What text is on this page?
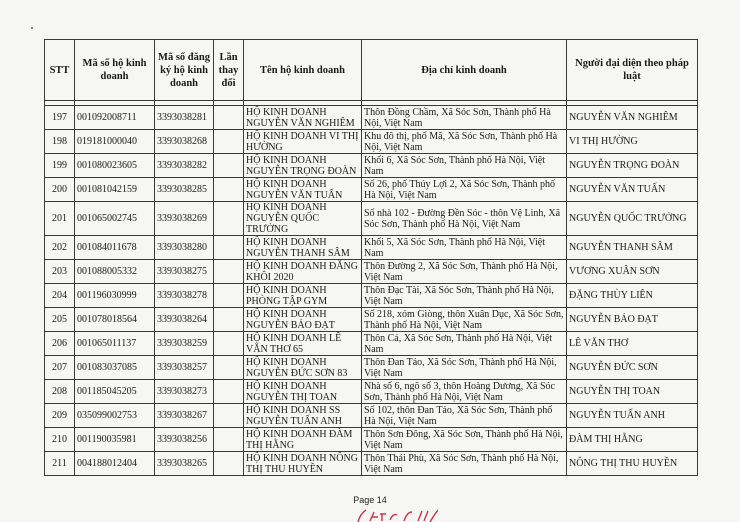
STT	Mã số hộ kinh doanh	Mã số đăng ký hộ kinh doanh	Lần thay đổi	Tên hộ kinh doanh	Địa chỉ kinh doanh	Người đại diện theo pháp luật

197	001092008711	3393038281		HỘ KINH DOANH NGUYỄN VĂN NGHIÊM	Thôn Đồng Chầm, Xã Sóc Sơn, Thành phố Hà Nội, Việt Nam	NGUYỄN VĂN NGHIÊM
198	019181000040	3393038268		HỘ KINH DOANH VI THỊ HƯỜNG	Khu đô thị, phố Mã, Xã Sóc Sơn, Thành phố Hà Nội, Việt Nam	VI THỊ HƯỜNG
199	001080023605	3393038282		HỘ KINH DOANH NGUYỄN TRỌNG ĐOÀN	Khối 6, Xã Sóc Sơn, Thành phố Hà Nội, Việt Nam	NGUYỄN TRỌNG ĐOÀN
200	001081042159	3393038285		HỘ KINH DOANH NGUYỄN VĂN TUẤN	Số 26, phố Thúy Lợi 2, Xã Sóc Sơn, Thành phố Hà Nội, Việt Nam	NGUYỄN VĂN TUẤN
201	001065002745	3393038269		HỘ KINH DOANH NGUYỄN QUỐC TRƯỞNG	Số nhà 102 - Đường Đền Sóc - thôn Vệ Linh, Xã Sóc Sơn, Thành phố Hà Nội, Việt Nam	NGUYỄN QUỐC TRƯỞNG
202	001084011678	3393038280		HỘ KINH DOANH NGUYỄN THANH SÂM	Khối 5, Xã Sóc Sơn, Thành phố Hà Nội, Việt Nam	NGUYỄN THANH SÂM
203	001088005332	3393038275		HỘ KINH DOANH ĐĂNG KHÔI 2020	Thôn Đường 2, Xã Sóc Sơn, Thành phố Hà Nội, Việt Nam	VƯƠNG XUÂN SƠN
204	001196030999	3393038278		HỘ KINH DOANH PHÒNG TẬP GYM	Thôn Đạc Tài, Xã Sóc Sơn, Thành phố Hà Nội, Việt Nam	ĐẶNG THÙY LIÊN
205	001078018564	3393038264		HỘ KINH DOANH NGUYỄN BẢO ĐẠT	Số 218, xóm Giòng, thôn Xuân Dục, Xã Sóc Sơn, Thành phố Hà Nội, Việt Nam	NGUYỄN BẢO ĐẠT
206	001065011137	3393038259		HỘ KINH DOANH LÊ VĂN THƠ 65	Thôn Cả, Xã Sóc Sơn, Thành phố Hà Nội, Việt Nam	LÊ VĂN THƠ
207	001083037085	3393038257		HỘ KINH DOANH NGUYỄN ĐỨC SƠN 83	Thôn Đan Tảo, Xã Sóc Sơn, Thành phố Hà Nội, Việt Nam	NGUYỄN ĐỨC SƠN
208	001185045205	3393038273		HỘ KINH DOANH NGUYỄN THỊ TOAN	Nhà số 6, ngõ số 3, thôn Hoàng Dương, Xã Sóc Sơn, Thành phố Hà Nội, Việt Nam	NGUYỄN THỊ TOAN
209	035099002753	3393038267		HỘ KINH DOANH SS NGUYỄN TUẤN ANH	Số 102, thôn Đan Tảo, Xã Sóc Sơn, Thành phố Hà Nội, Việt Nam	NGUYỄN TUẤN ANH
210	001190035981	3393038256		HỘ KINH DOANH ĐÀM THỊ HẰNG	Thôn Sơn Đông, Xã Sóc Sơn, Thành phố Hà Nội, Việt Nam	ĐÀM THỊ HẰNG
211	004188012404	3393038265		HỘ KINH DOANH NÔNG THỊ THU HUYỀN	Thôn Thái Phù, Xã Sóc Sơn, Thành phố Hà Nội, Việt Nam	NÔNG THỊ THU HUYỀN
Page 14
